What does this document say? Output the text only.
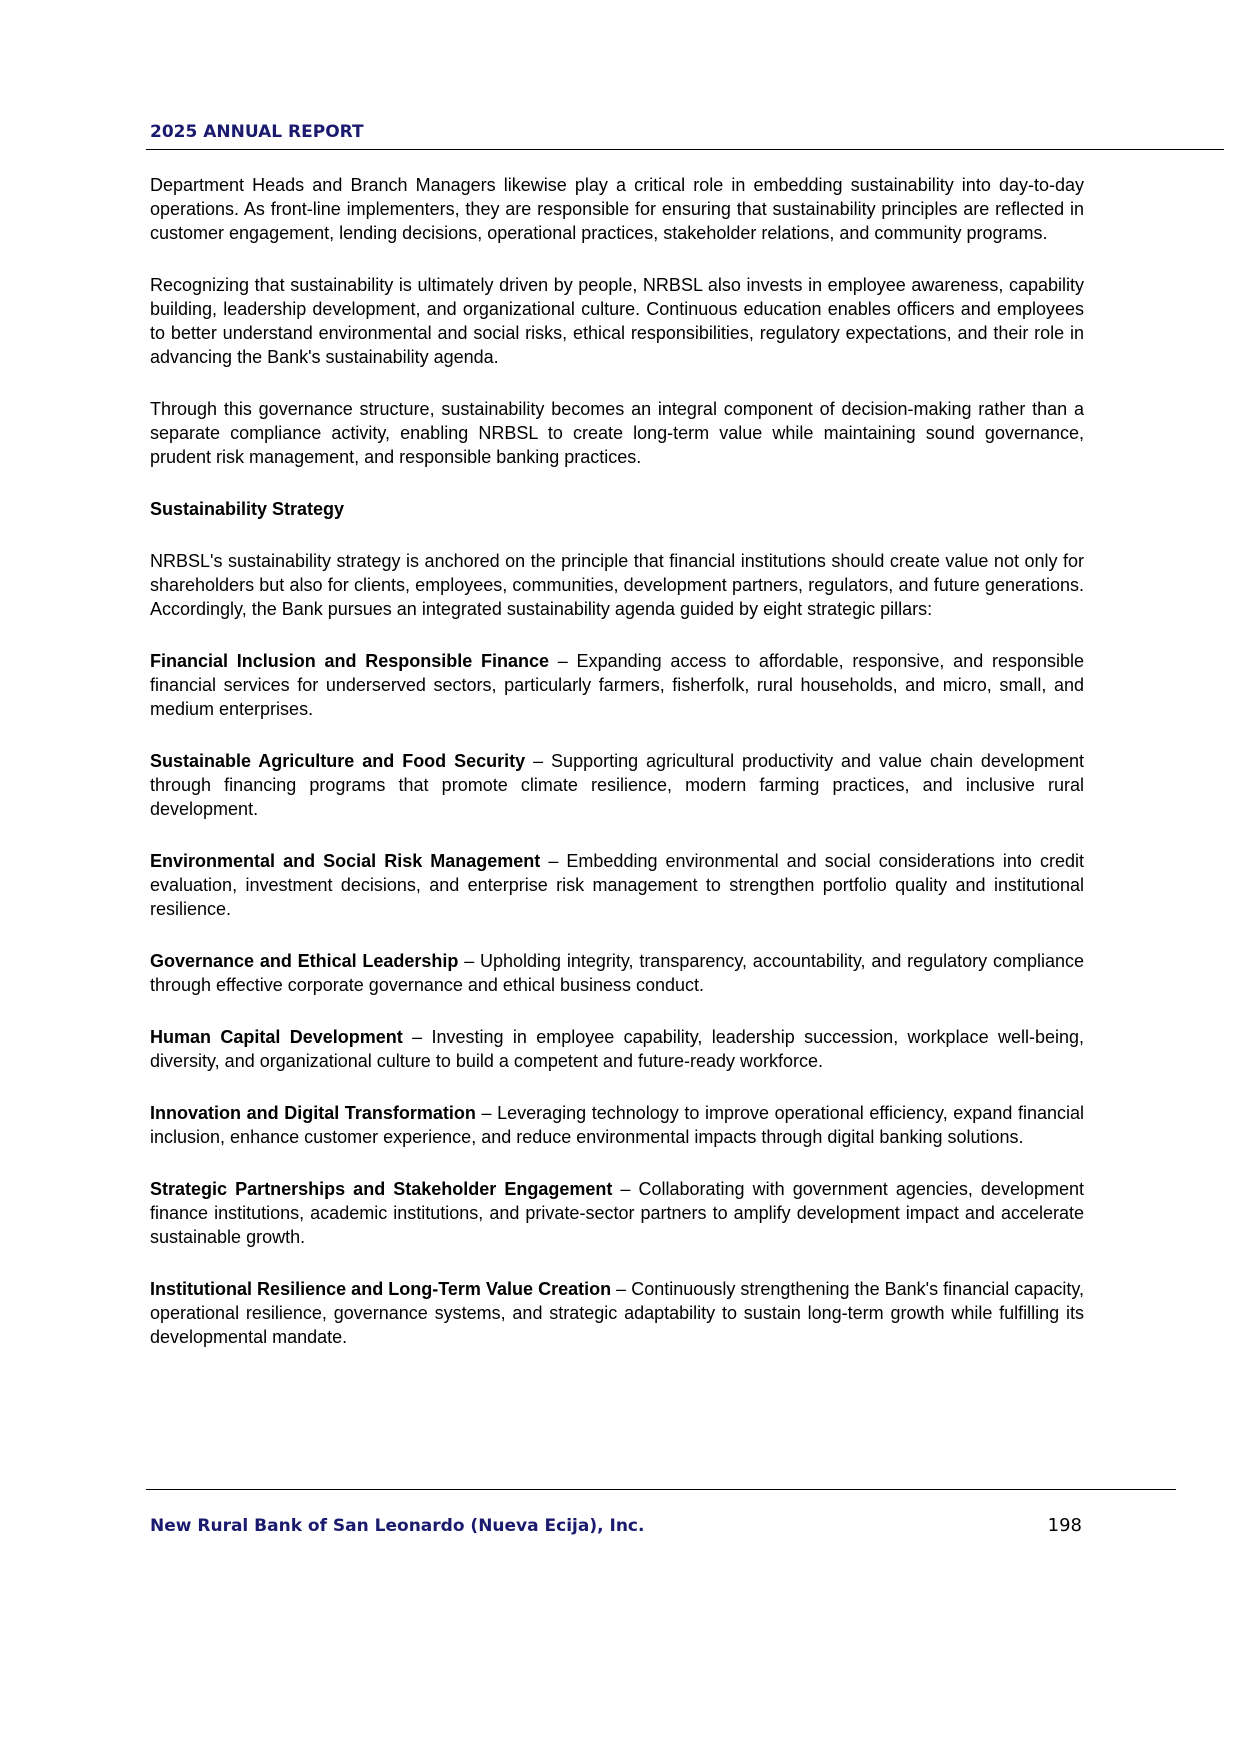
2025 ANNUAL REPORT

Department Heads and Branch Managers likewise play a critical role in embedding sustainability into day-to-day operations. As front-line implementers, they are responsible for ensuring that sustainability principles are reflected in customer engagement, lending decisions, operational practices, stakeholder relations, and community programs.

Recognizing that sustainability is ultimately driven by people, NRBSL also invests in employee awareness, capability building, leadership development, and organizational culture. Continuous education enables officers and employees to better understand environmental and social risks, ethical responsibilities, regulatory expectations, and their role in advancing the Bank's sustainability agenda.

Through this governance structure, sustainability becomes an integral component of decision-making rather than a separate compliance activity, enabling NRBSL to create long-term value while maintaining sound governance, prudent risk management, and responsible banking practices.

Sustainability Strategy

NRBSL's sustainability strategy is anchored on the principle that financial institutions should create value not only for shareholders but also for clients, employees, communities, development partners, regulators, and future generations. Accordingly, the Bank pursues an integrated sustainability agenda guided by eight strategic pillars:

Financial Inclusion and Responsible Finance – Expanding access to affordable, responsive, and responsible financial services for underserved sectors, particularly farmers, fisherfolk, rural households, and micro, small, and medium enterprises.

Sustainable Agriculture and Food Security – Supporting agricultural productivity and value chain development through financing programs that promote climate resilience, modern farming practices, and inclusive rural development.

Environmental and Social Risk Management – Embedding environmental and social considerations into credit evaluation, investment decisions, and enterprise risk management to strengthen portfolio quality and institutional resilience.

Governance and Ethical Leadership – Upholding integrity, transparency, accountability, and regulatory compliance through effective corporate governance and ethical business conduct.

Human Capital Development – Investing in employee capability, leadership succession, workplace well-being, diversity, and organizational culture to build a competent and future-ready workforce.

Innovation and Digital Transformation – Leveraging technology to improve operational efficiency, expand financial inclusion, enhance customer experience, and reduce environmental impacts through digital banking solutions.

Strategic Partnerships and Stakeholder Engagement – Collaborating with government agencies, development finance institutions, academic institutions, and private-sector partners to amplify development impact and accelerate sustainable growth.

Institutional Resilience and Long-Term Value Creation – Continuously strengthening the Bank's financial capacity, operational resilience, governance systems, and strategic adaptability to sustain long-term growth while fulfilling its developmental mandate.

New Rural Bank of San Leonardo (Nueva Ecija), Inc.	198
